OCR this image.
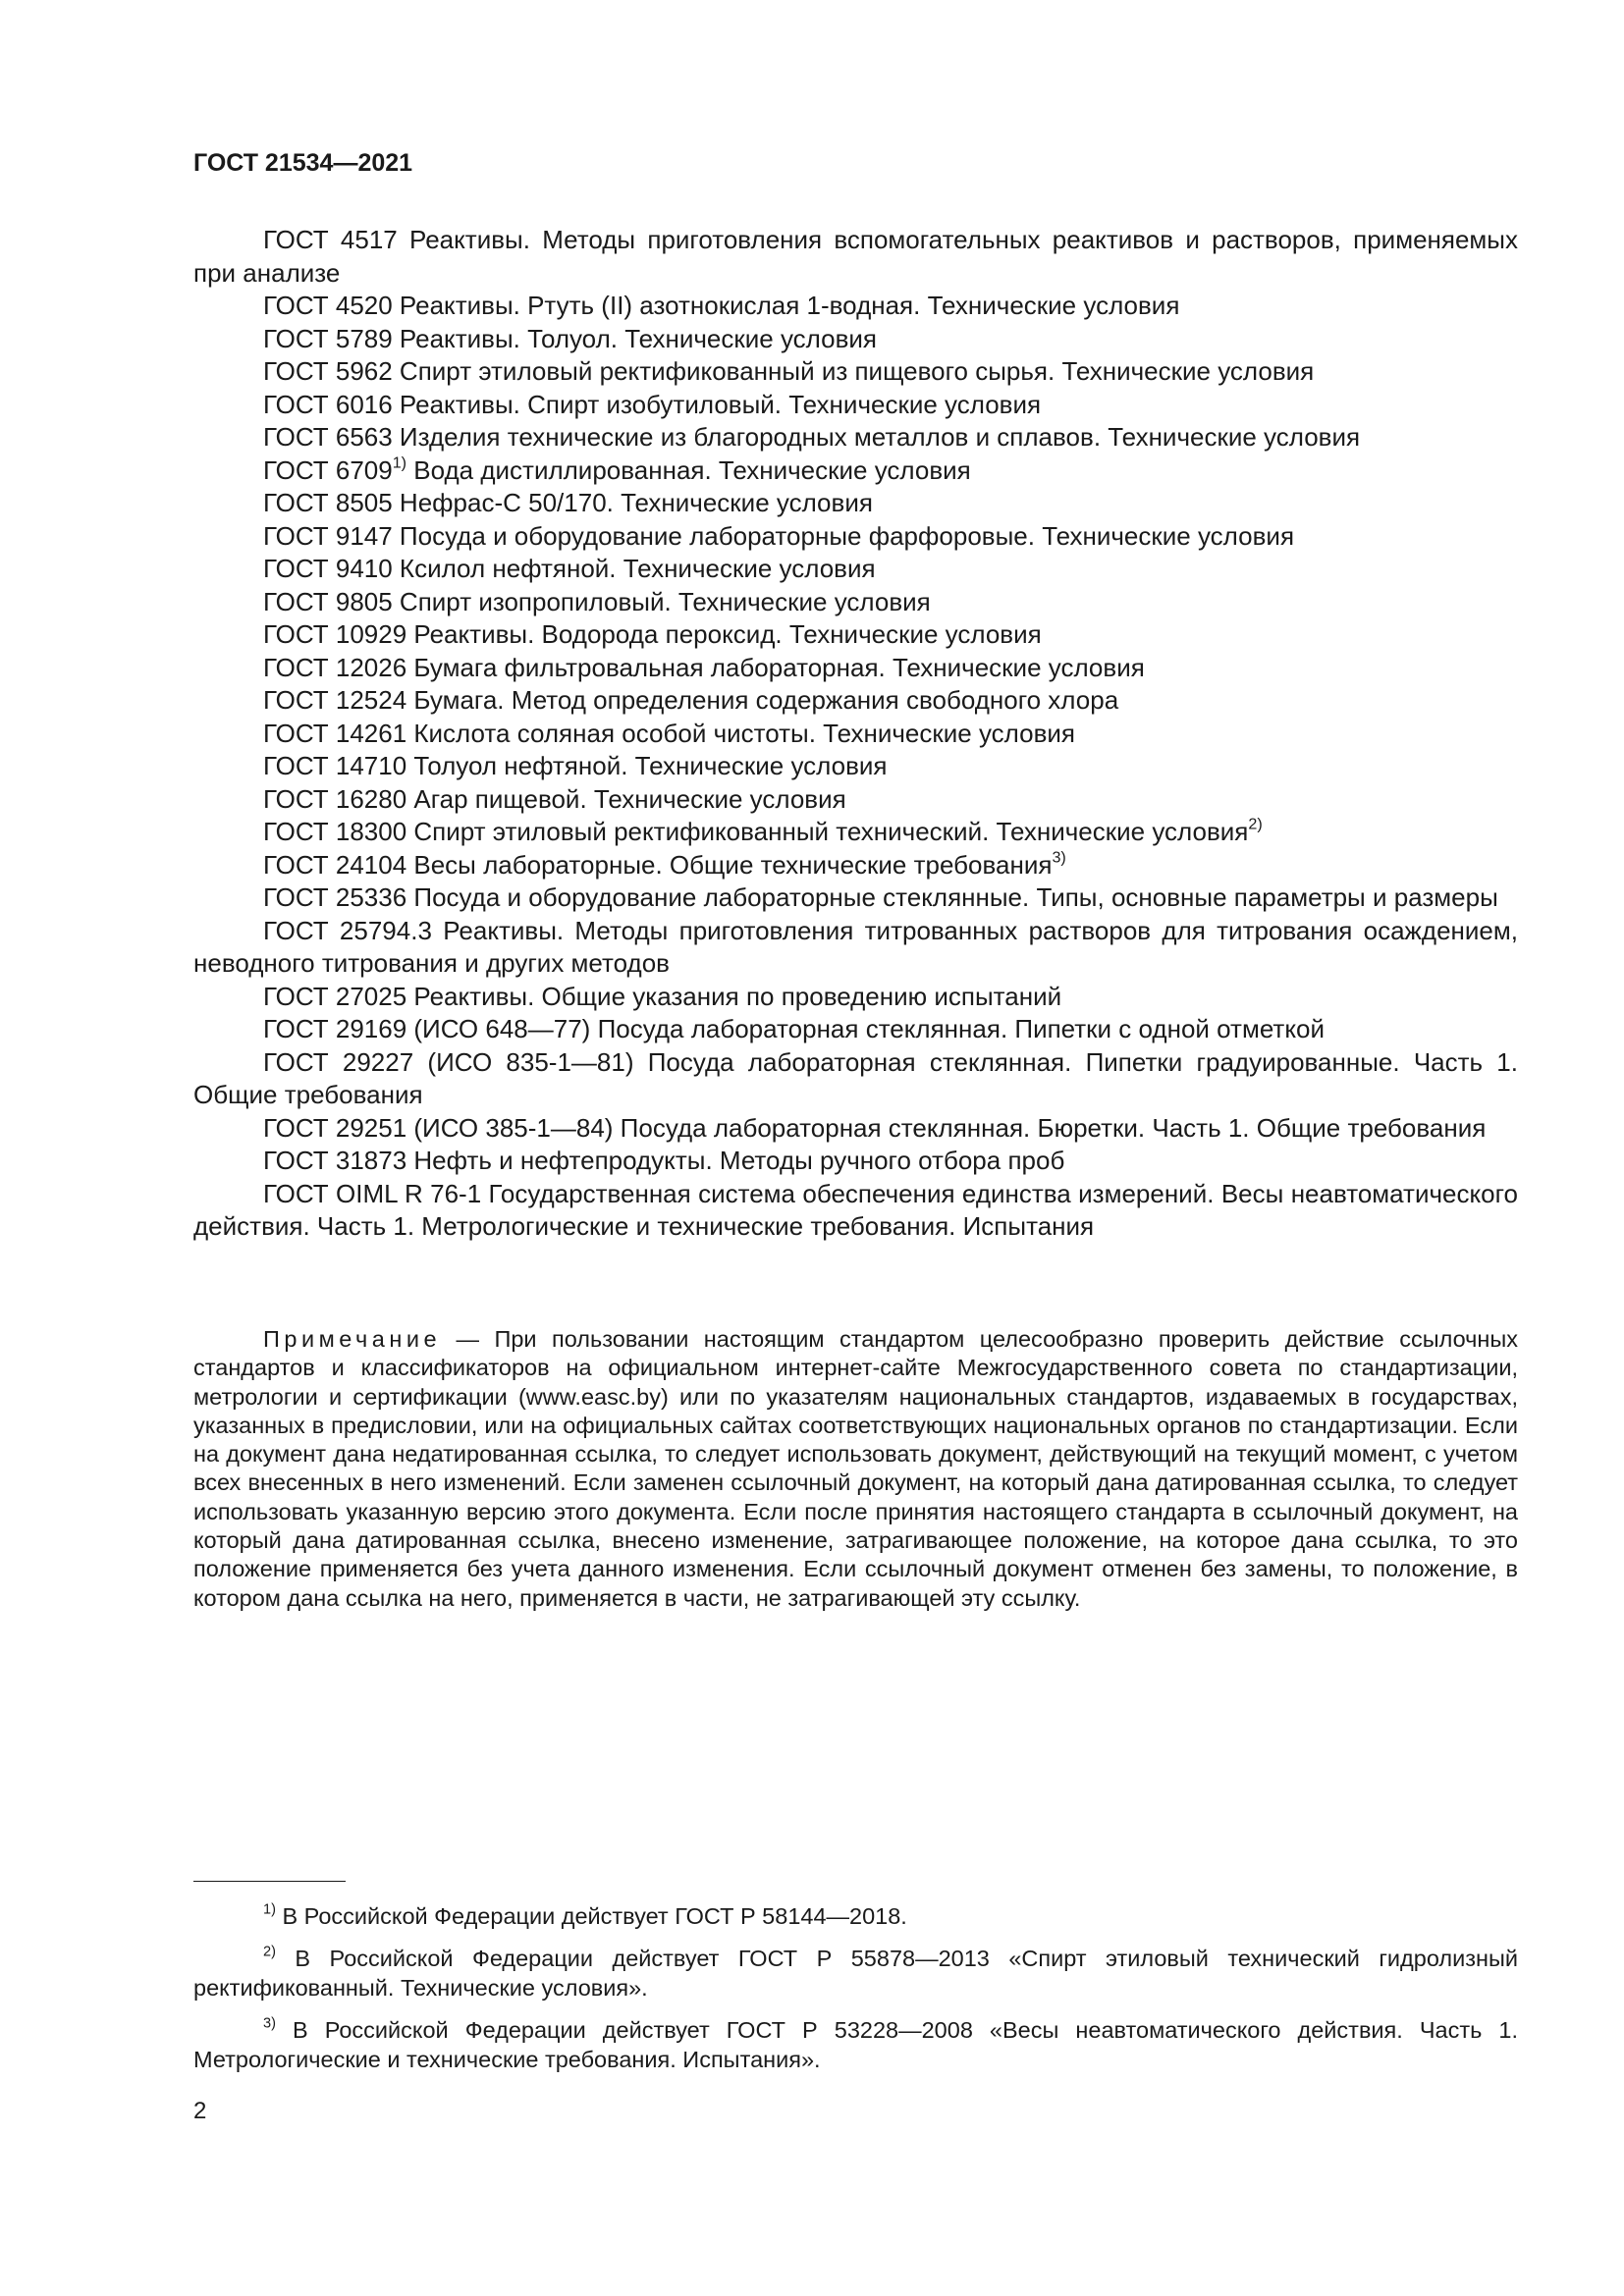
ГОСТ 21534—2021

ГОСТ 4517 Реактивы. Методы приготовления вспомогательных реактивов и растворов, применяемых при анализе

ГОСТ 4520 Реактивы. Ртуть (II) азотнокислая 1-водная. Технические условия

ГОСТ 5789 Реактивы. Толуол. Технические условия

ГОСТ 5962 Спирт этиловый ректификованный из пищевого сырья. Технические условия

ГОСТ 6016 Реактивы. Спирт изобутиловый. Технические условия

ГОСТ 6563 Изделия технические из благородных металлов и сплавов. Технические условия

ГОСТ 6709$^{1)}$ Вода дистиллированная. Технические условия

ГОСТ 8505 Нефрас-С 50/170. Технические условия

ГОСТ 9147 Посуда и оборудование лабораторные фарфоровые. Технические условия

ГОСТ 9410 Ксилол нефтяной. Технические условия

ГОСТ 9805 Спирт изопропиловый. Технические условия

ГОСТ 10929 Реактивы. Водорода пероксид. Технические условия

ГОСТ 12026 Бумага фильтровальная лабораторная. Технические условия

ГОСТ 12524 Бумага. Метод определения содержания свободного хлора

ГОСТ 14261 Кислота соляная особой чистоты. Технические условия

ГОСТ 14710 Толуол нефтяной. Технические условия

ГОСТ 16280 Агар пищевой. Технические условия

ГОСТ 18300 Спирт этиловый ректификованный технический. Технические условия$^{2)}$

ГОСТ 24104 Весы лабораторные. Общие технические требования$^{3)}$

ГОСТ 25336 Посуда и оборудование лабораторные стеклянные. Типы, основные параметры и размеры

ГОСТ 25794.3 Реактивы. Методы приготовления титрованных растворов для титрования осаждением, неводного титрования и других методов

ГОСТ 27025 Реактивы. Общие указания по проведению испытаний

ГОСТ 29169 (ИСО 648—77) Посуда лабораторная стеклянная. Пипетки с одной отметкой

ГОСТ 29227 (ИСО 835-1—81) Посуда лабораторная стеклянная. Пипетки градуированные. Часть 1. Общие требования

ГОСТ 29251 (ИСО 385-1—84) Посуда лабораторная стеклянная. Бюретки. Часть 1. Общие требования

ГОСТ 31873 Нефть и нефтепродукты. Методы ручного отбора проб

ГОСТ OIML R 76-1 Государственная система обеспечения единства измерений. Весы неавтоматического действия. Часть 1. Метрологические и технические требования. Испытания

Примечание — При пользовании настоящим стандартом целесообразно проверить действие ссылочных стандартов и классификаторов на официальном интернет-сайте Межгосударственного совета по стандартизации, метрологии и сертификации (www.easc.by) или по указателям национальных стандартов, издаваемых в государствах, указанных в предисловии, или на официальных сайтах соответствующих национальных органов по стандартизации. Если на документ дана недатированная ссылка, то следует использовать документ, действующий на текущий момент, с учетом всех внесенных в него изменений. Если заменен ссылочный документ, на который дана датированная ссылка, то следует использовать указанную версию этого документа. Если после принятия настоящего стандарта в ссылочный документ, на который дана датированная ссылка, внесено изменение, затрагивающее положение, на которое дана ссылка, то это положение применяется без учета данного изменения. Если ссылочный документ отменен без замены, то положение, в котором дана ссылка на него, применяется в части, не затрагивающей эту ссылку.

$^{1)}$ В Российской Федерации действует ГОСТ Р 58144—2018.

$^{2)}$ В Российской Федерации действует ГОСТ Р 55878—2013 «Спирт этиловый технический гидролизный ректификованный. Технические условия».

$^{3)}$ В Российской Федерации действует ГОСТ Р 53228—2008 «Весы неавтоматического действия. Часть 1. Метрологические и технические требования. Испытания».

2
